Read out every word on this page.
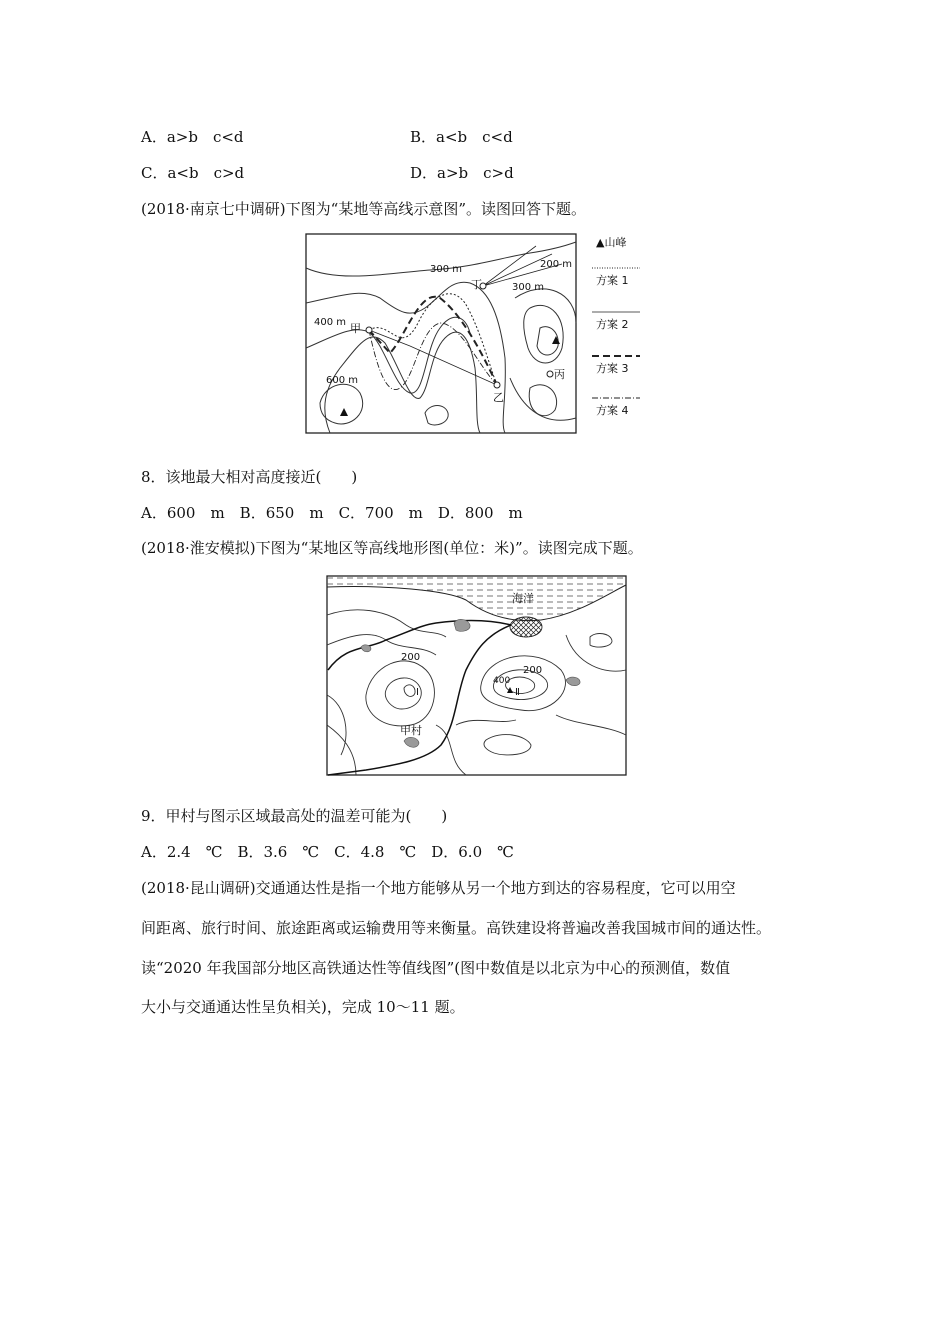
A．a>b　c<d	B．a<b　c<d
C．a<b　c>d	D．a>b　c>d
(2018·南京七中调研)下图为“某地等高线示意图”。读图回答下题。
300 m	200 m
300 m
400 m
600 m
甲
乙
丙
丁
▲山峰
方案 1
方案 2
方案 3
方案 4
8．该地最大相对高度接近(　　)
A．600　m　B．650　m　C．700　m　D．800　m
(2018·淮安模拟)下图为“某地区等高线地形图(单位：米)”。读图完成下题。
海洋
200
200
400
Ⅰ	Ⅱ
甲村
9．甲村与图示区域最高处的温差可能为(　　)
A．2.4　℃　B．3.6　℃　C．4.8　℃　D．6.0　℃
(2018·昆山调研)交通通达性是指一个地方能够从另一个地方到达的容易程度，它可以用空
间距离、旅行时间、旅途距离或运输费用等来衡量。高铁建设将普遍改善我国城市间的通达性。
读“2020 年我国部分地区高铁通达性等值线图”(图中数值是以北京为中心的预测值，数值
大小与交通通达性呈负相关)，完成 10～11 题。
